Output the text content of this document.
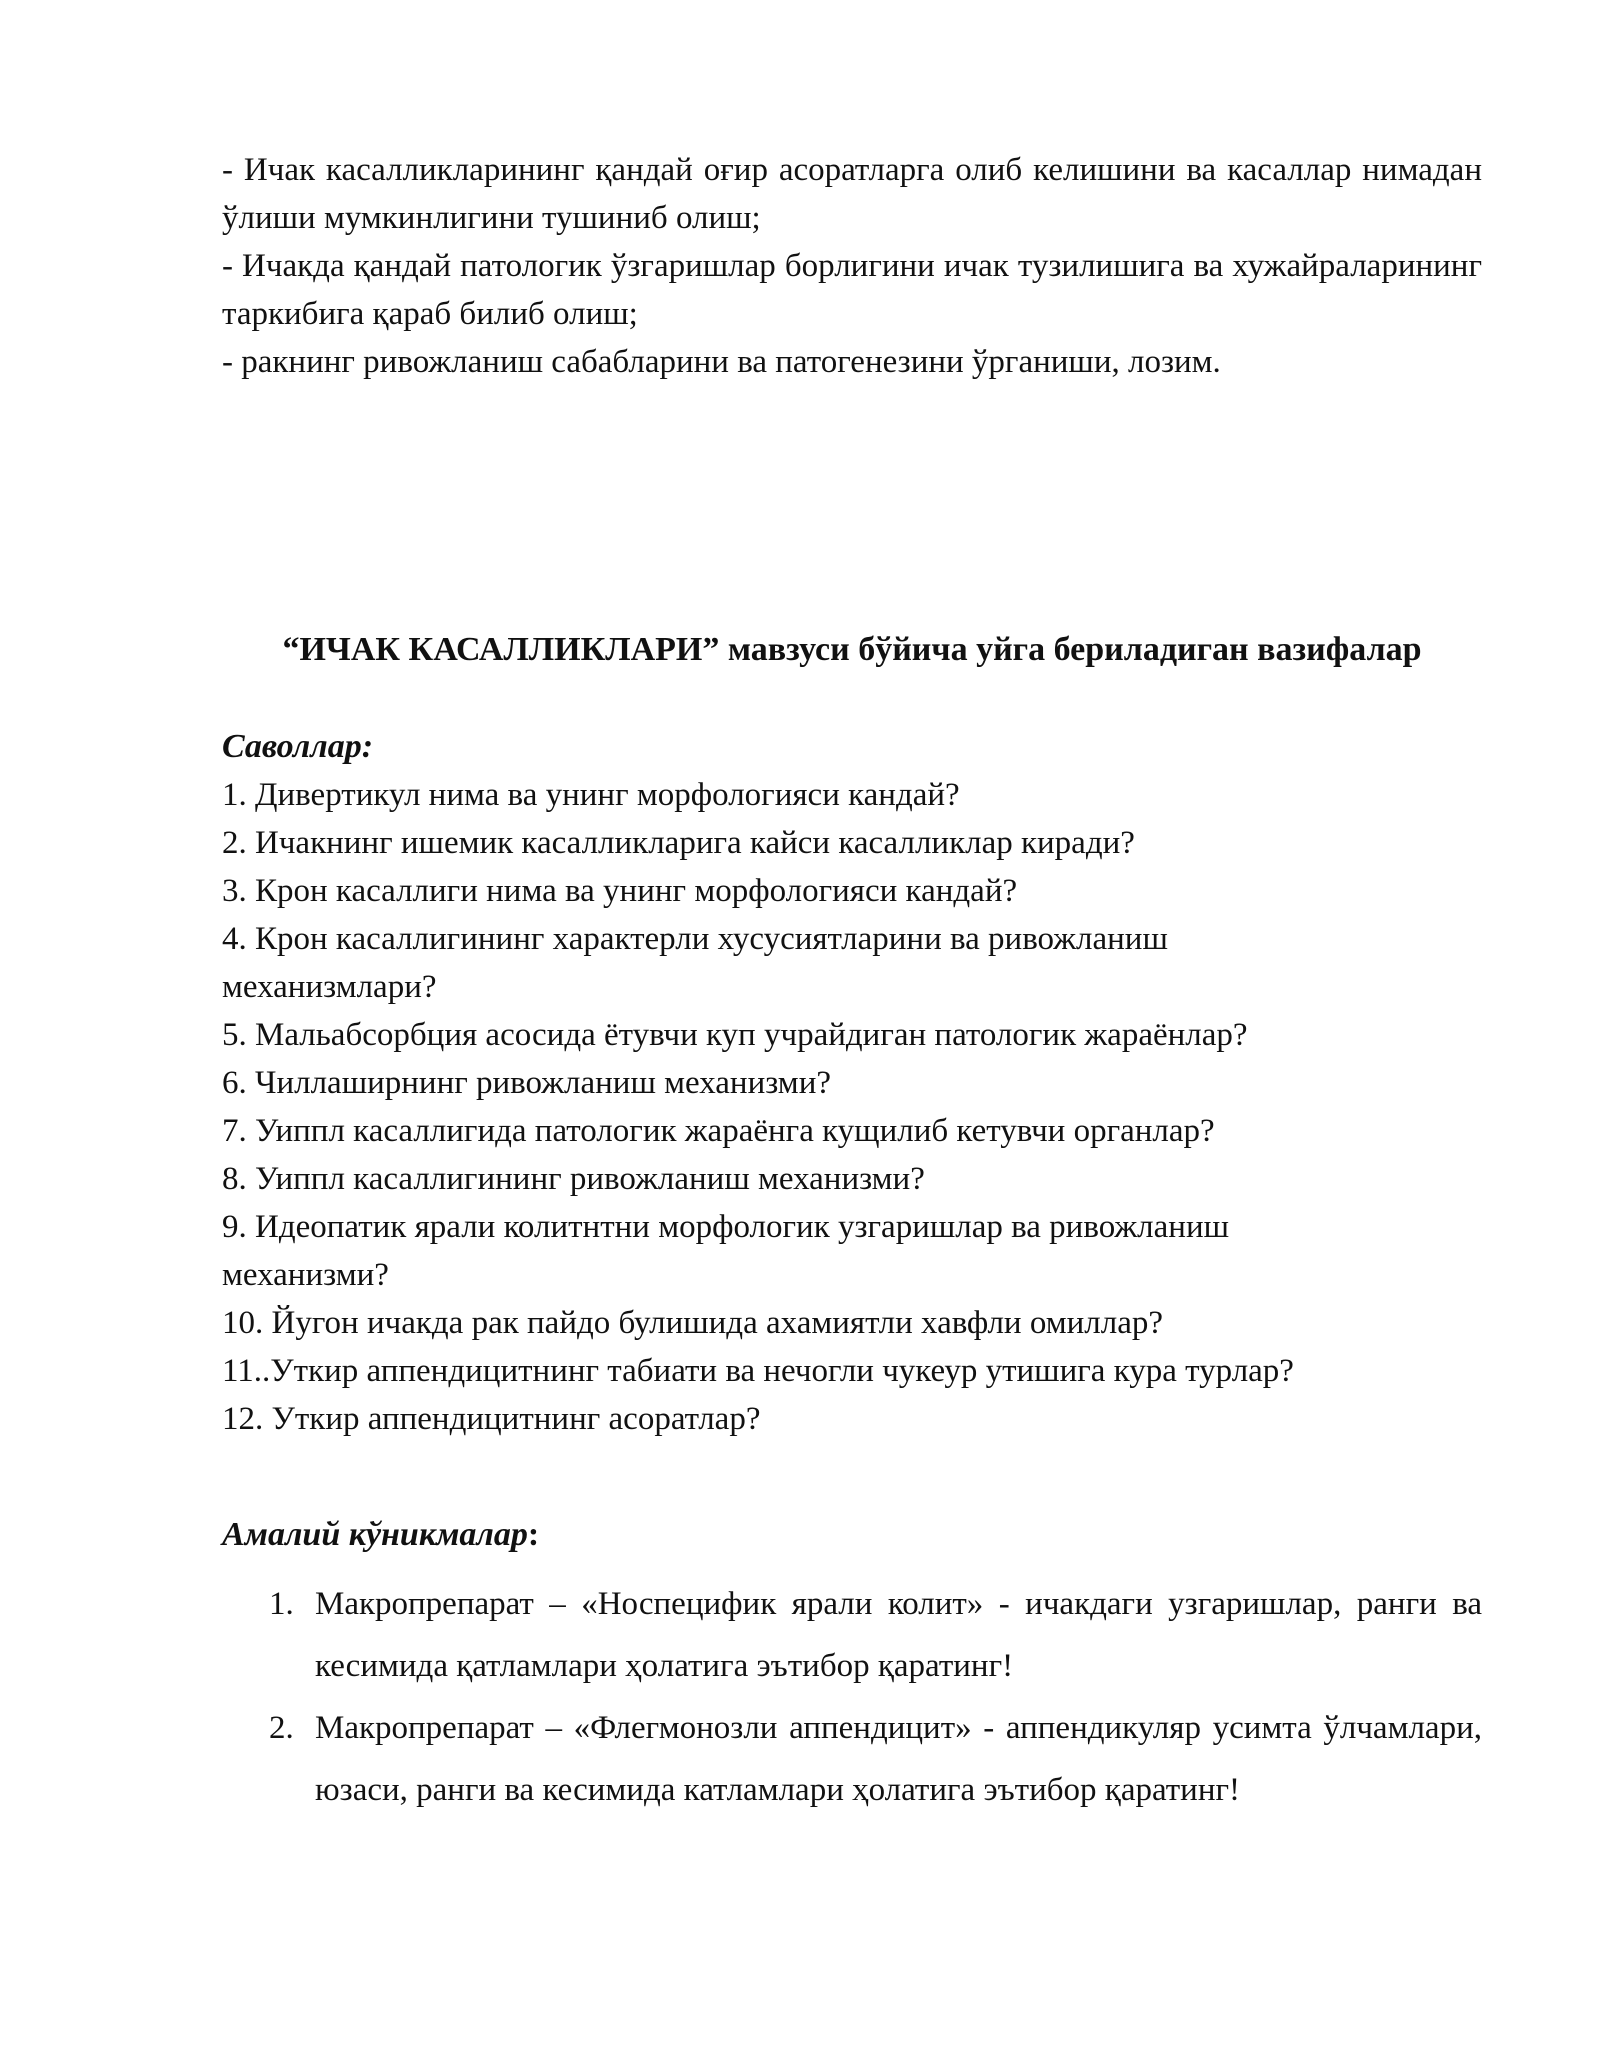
- Ичак касалликларининг қандай оғир асоратларга олиб келишини ва касаллар нимадан ўлиши мумкинлигини тушиниб олиш;

- Ичакда қандай патологик ўзгаришлар борлигини ичак тузилишига ва хужайраларининг таркибига қараб билиб олиш;

- ракнинг ривожланиш сабабларини ва патогенезини ўрганиши, лозим.

“ИЧАК КАСАЛЛИКЛАРИ” мавзуси бўйича уйга бериладиган вазифалар

Саволлар:

1. Дивертикул нима ва унинг морфологияси кандай?

2. Ичакнинг ишемик касалликларига кайси касалликлар киради?

3. Крон касаллиги нима ва унинг морфологияси кандай?

4. Крон касаллигининг характерли хусусиятларини ва ривожланиш

механизмлари?

5. Мальабсорбция асосида ётувчи куп учрайдиган патологик жараёнлар?

6. Чиллаширнинг ривожланиш механизми?

7. Уиппл касаллигида патологик жараёнга кущилиб кетувчи органлар?

8. Уиппл касаллигининг ривожланиш механизми?

9. Идеопатик ярали колитнтни морфологик узгаришлар ва ривожланиш

механизми?

10. Йугон ичакда рак пайдо булишида ахамиятли хавфли омиллар?

11..Уткир аппендицитнинг табиати ва нечогли чукеур утишига кура турлар?

12. Уткир аппендицитнинг асоратлар?

Амалий кўникмалар:

1. Макропрепарат – «Носпецифик ярали колит» - ичакдаги узгаришлар, ранги ва кесимида қатламлари ҳолатига эътибор қаратинг!
2. Макропрепарат – «Флегмонозли аппендицит» - аппендикуляр усимта ўлчамлари, юзаси, ранги ва кесимида катламлари ҳолатига эътибор қаратинг!
